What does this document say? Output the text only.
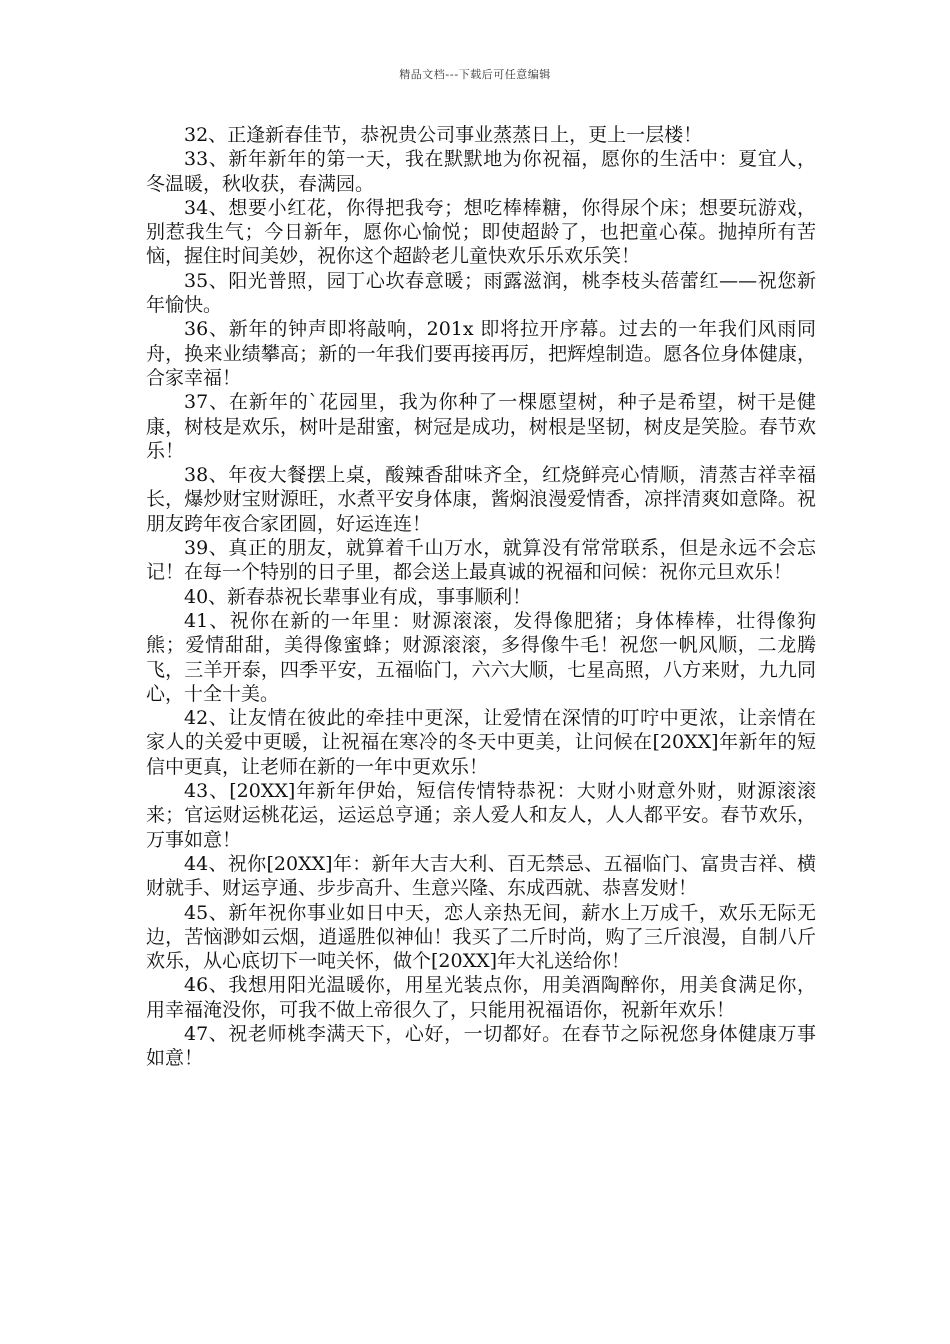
精品文档---下载后可任意编辑

32、正逢新春佳节，恭祝贵公司事业蒸蒸日上，更上一层楼！

33、新年新年的第一天，我在默默地为你祝福，愿你的生活中：夏宜人，冬温暖，秋收获，春满园。

34、想要小红花，你得把我夸；想吃棒棒糖，你得尿个床；想要玩游戏，别惹我生气；今日新年，愿你心愉悦；即使超龄了，也把童心葆。抛掉所有苦恼，握住时间美妙，祝你这个超龄老儿童快欢乐乐欢乐笑！

35、阳光普照，园丁心坎春意暖；雨露滋润，桃李枝头蓓蕾红——祝您新年愉快。

36、新年的钟声即将敲响，201x 即将拉开序幕。过去的一年我们风雨同舟，换来业绩攀高；新的一年我们要再接再厉，把辉煌制造。愿各位身体健康，合家幸福！

37、在新年的`花园里，我为你种了一棵愿望树，种子是希望，树干是健康，树枝是欢乐，树叶是甜蜜，树冠是成功，树根是坚韧，树皮是笑脸。春节欢乐！

38、年夜大餐摆上桌，酸辣香甜味齐全，红烧鲜亮心情顺，清蒸吉祥幸福长，爆炒财宝财源旺，水煮平安身体康，酱焖浪漫爱情香，凉拌清爽如意降。祝朋友跨年夜合家团圆，好运连连！

39、真正的朋友，就算着千山万水，就算没有常常联系，但是永远不会忘记！在每一个特别的日子里，都会送上最真诚的祝福和问候：祝你元旦欢乐！

40、新春恭祝长辈事业有成，事事顺利！

41、祝你在新的一年里：财源滚滚，发得像肥猪；身体棒棒，壮得像狗熊；爱情甜甜，美得像蜜蜂；财源滚滚，多得像牛毛！祝您一帆风顺，二龙腾飞，三羊开泰，四季平安，五福临门，六六大顺，七星高照，八方来财，九九同心，十全十美。

42、让友情在彼此的牵挂中更深，让爱情在深情的叮咛中更浓，让亲情在家人的关爱中更暖，让祝福在寒冷的冬天中更美，让问候在[20XX]年新年的短信中更真，让老师在新的一年中更欢乐！

43、[20XX]年新年伊始，短信传情特恭祝：大财小财意外财，财源滚滚来；官运财运桃花运，运运总亨通；亲人爱人和友人，人人都平安。春节欢乐，万事如意！

44、祝你[20XX]年：新年大吉大利、百无禁忌、五福临门、富贵吉祥、横财就手、财运亨通、步步高升、生意兴隆、东成西就、恭喜发财！

45、新年祝你事业如日中天，恋人亲热无间，薪水上万成千，欢乐无际无边，苦恼渺如云烟，逍遥胜似神仙！我买了二斤时尚，购了三斤浪漫，自制八斤欢乐，从心底切下一吨关怀，做个[20XX]年大礼送给你！

46、我想用阳光温暖你，用星光装点你，用美酒陶醉你，用美食满足你，用幸福淹没你，可我不做上帝很久了，只能用祝福语你，祝新年欢乐！

47、祝老师桃李满天下，心好，一切都好。在春节之际祝您身体健康万事如意！
